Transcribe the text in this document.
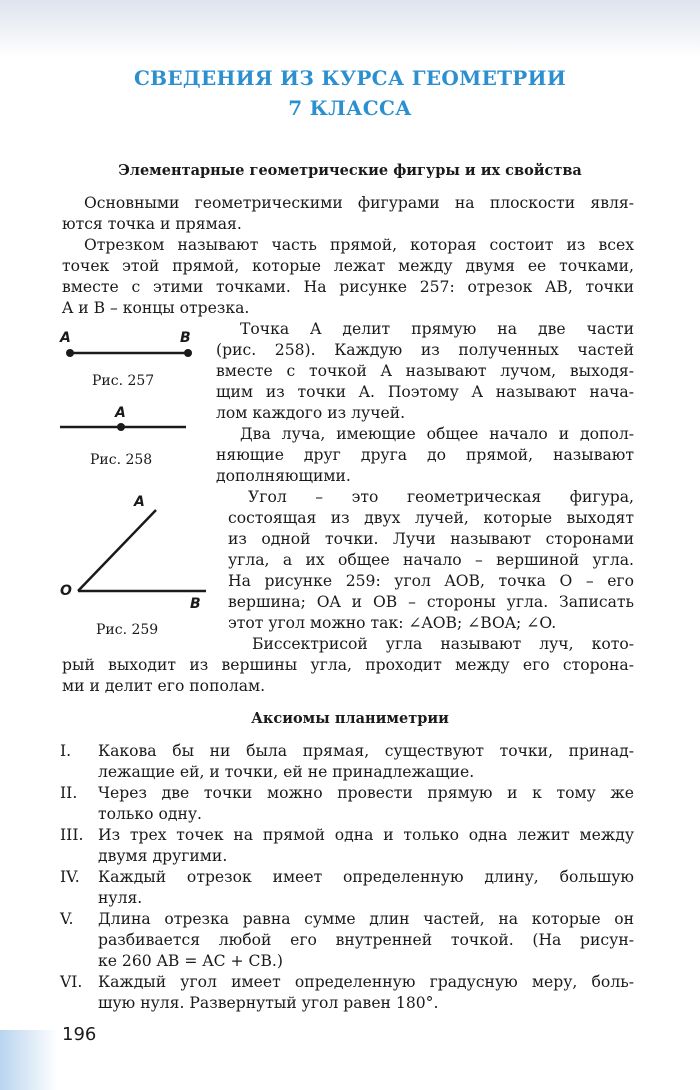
СВЕДЕНИЯ ИЗ КУРСА ГЕОМЕТРИИ
7 КЛАССА
Элементарные геометрические фигуры и их свойства
Основными геометрическими фигурами на плоскости явля-
ются точка и прямая.
Отрезком называют часть прямой, которая состоит из всех
точек этой прямой, которые лежат между двумя ее точками,
вместе с этими точками. На рисунке 257: отрезок AB, точки
A и B – концы отрезка.
Точка A делит прямую на две части
(рис. 258). Каждую из полученных частей
вместе с точкой A называют лучом, выходя-
щим из точки A. Поэтому A называют нача-
лом каждого из лучей.
Два луча, имеющие общее начало и допол-
няющие друг друга до прямой, называют
дополняющими.
Угол – это геометрическая фигура,
состоящая из двух лучей, которые выходят
из одной точки. Лучи называют сторонами
угла, а их общее начало – вершиной угла.
На рисунке 259: угол AOB, точка O – его
вершина; OA и OB – стороны угла. Записать
этот угол можно так: ∠AOB; ∠BOA; ∠O.
Биссектрисой угла называют луч, кото-
рый выходит из вершины угла, проходит между его сторона-
ми и делит его пополам.
A	B
Рис. 257
A
Рис. 258
A
O
B
Рис. 259
Аксиомы планиметрии
I. Какова бы ни была прямая, существуют точки, принад-
лежащие ей, и точки, ей не принадлежащие.
II. Через две точки можно провести прямую и к тому же
только одну.
III. Из трех точек на прямой одна и только одна лежит между
двумя другими.
IV. Каждый отрезок имеет определенную длину, большую
нуля.
V. Длина отрезка равна сумме длин частей, на которые он
разбивается любой его внутренней точкой. (На рисун-
ке 260 AB = AC + CB.)
VI. Каждый угол имеет определенную градусную меру, боль-
шую нуля. Развернутый угол равен 180°.
196
